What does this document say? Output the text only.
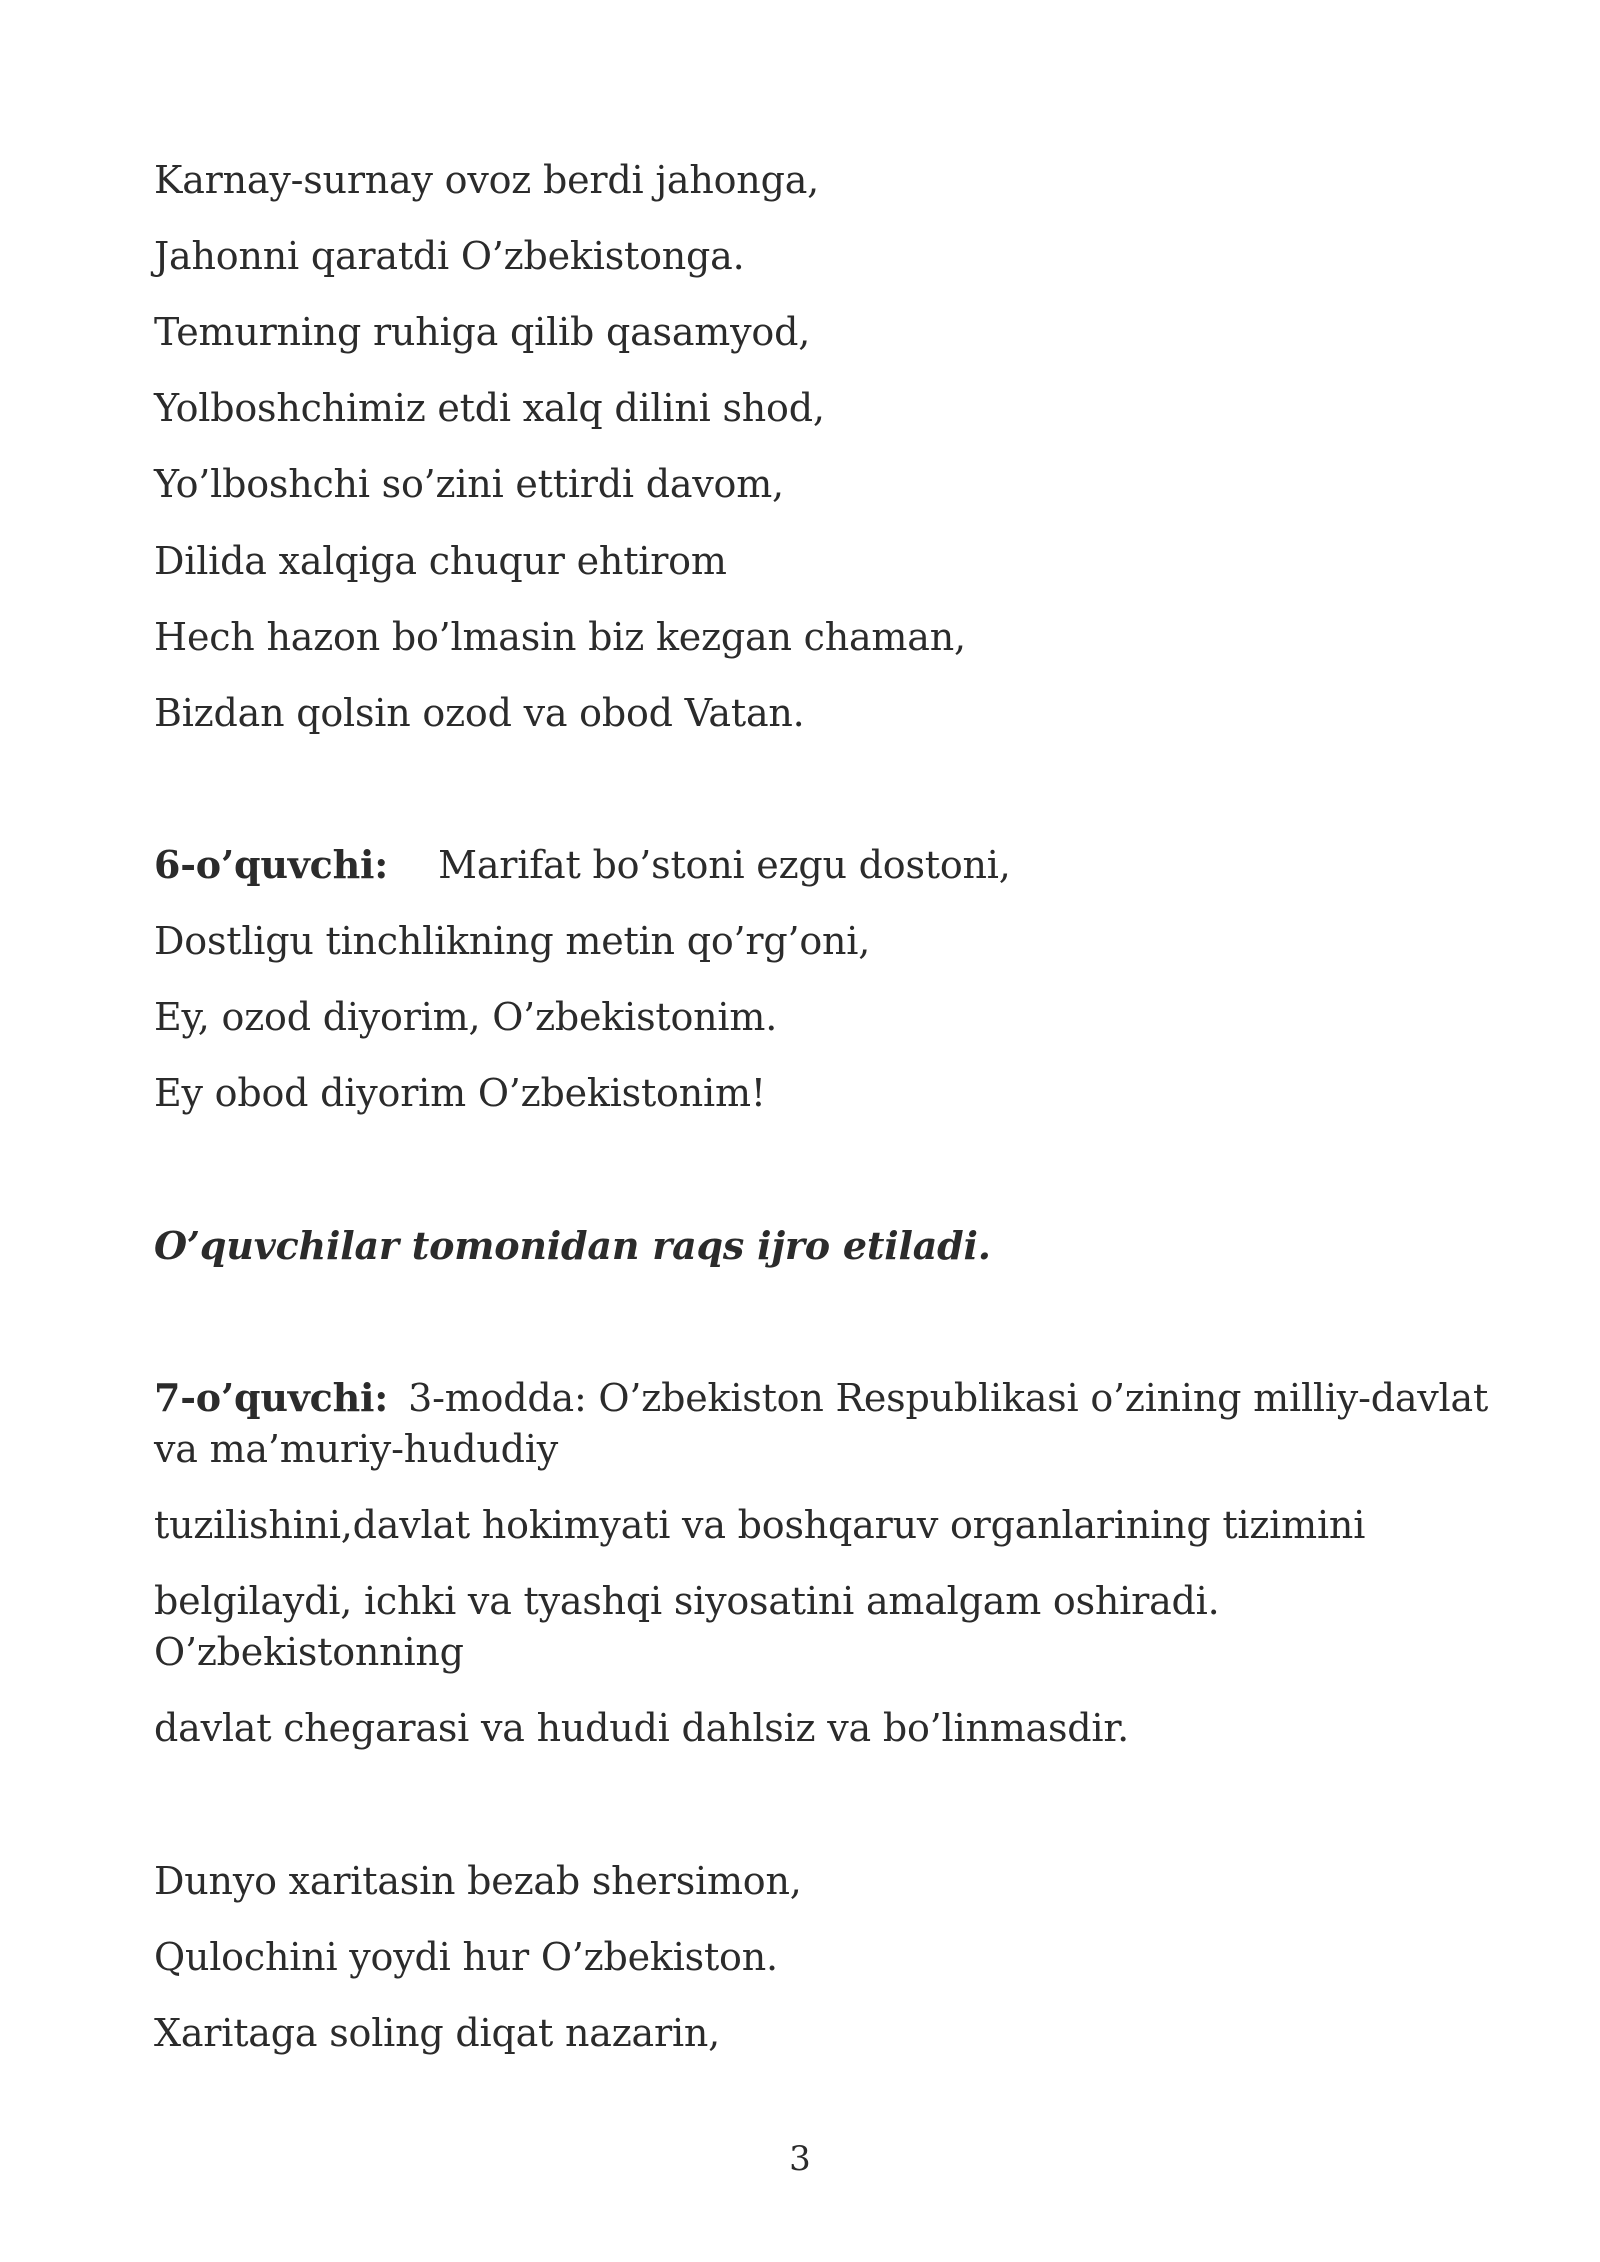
Karnay-surnay ovoz berdi jahonga,
Jahonni qaratdi O’zbekistonga.
Temurning ruhiga qilib qasamyod,
Yolboshchimiz etdi xalq dilini shod,
Yo’lboshchi so’zini ettirdi davom,
Dilida xalqiga chuqur ehtirom
Hech hazon bo’lmasin biz kezgan chaman,
Bizdan qolsin ozod va obod Vatan.
6-o’quvchi: Marifat bo’stoni ezgu dostoni,
Dostligu tinchlikning metin qo’rg’oni,
Ey, ozod diyorim, O’zbekistonim.
Ey obod diyorim O’zbekistonim!
O’quvchilar tomonidan raqs ijro etiladi.
7-o’quvchi: 3-modda: O’zbekiston Respublikasi o’zining milliy-davlat
va ma’muriy-hududiy
tuzilishini,davlat hokimyati va boshqaruv organlarining tizimini
belgilaydi, ichki va tyashqi siyosatini amalgam oshiradi.
O’zbekistonning
davlat chegarasi va hududi dahlsiz va bo’linmasdir.
Dunyo xaritasin bezab shersimon,
Qulochini yoydi hur O’zbekiston.
Xaritaga soling diqat nazarin,
3
